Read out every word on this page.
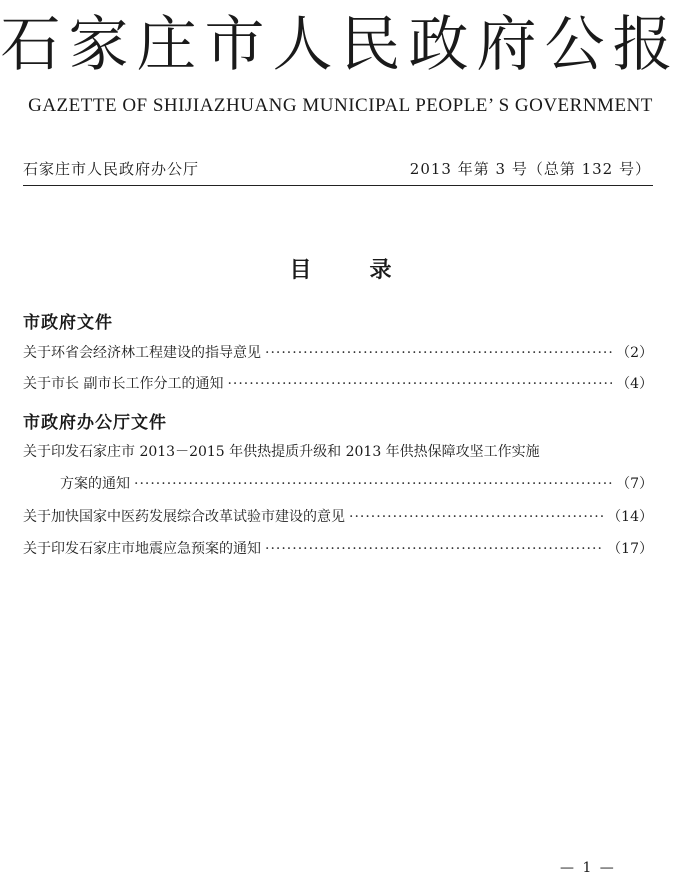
石家庄市人民政府公报
GAZETTE OF SHIJIAZHUANG MUNICIPAL PEOPLE’ S GOVERNMENT
石家庄市人民政府办公厅	2013 年第 3 号（总第 132 号）
目录
市政府文件
关于环省会经济林工程建设的指导意见 ·····	（2）
关于市长 副市长工作分工的通知 ·····	（4）
市政府办公厅文件
关于印发石家庄市 2013－2015 年供热提质升级和 2013 年供热保障攻坚工作实施
方案的通知 ·····	（7）
关于加快国家中医药发展综合改革试验市建设的意见 ·····	（14）
关于印发石家庄市地震应急预案的通知 ·····	（17）
— 1 —
